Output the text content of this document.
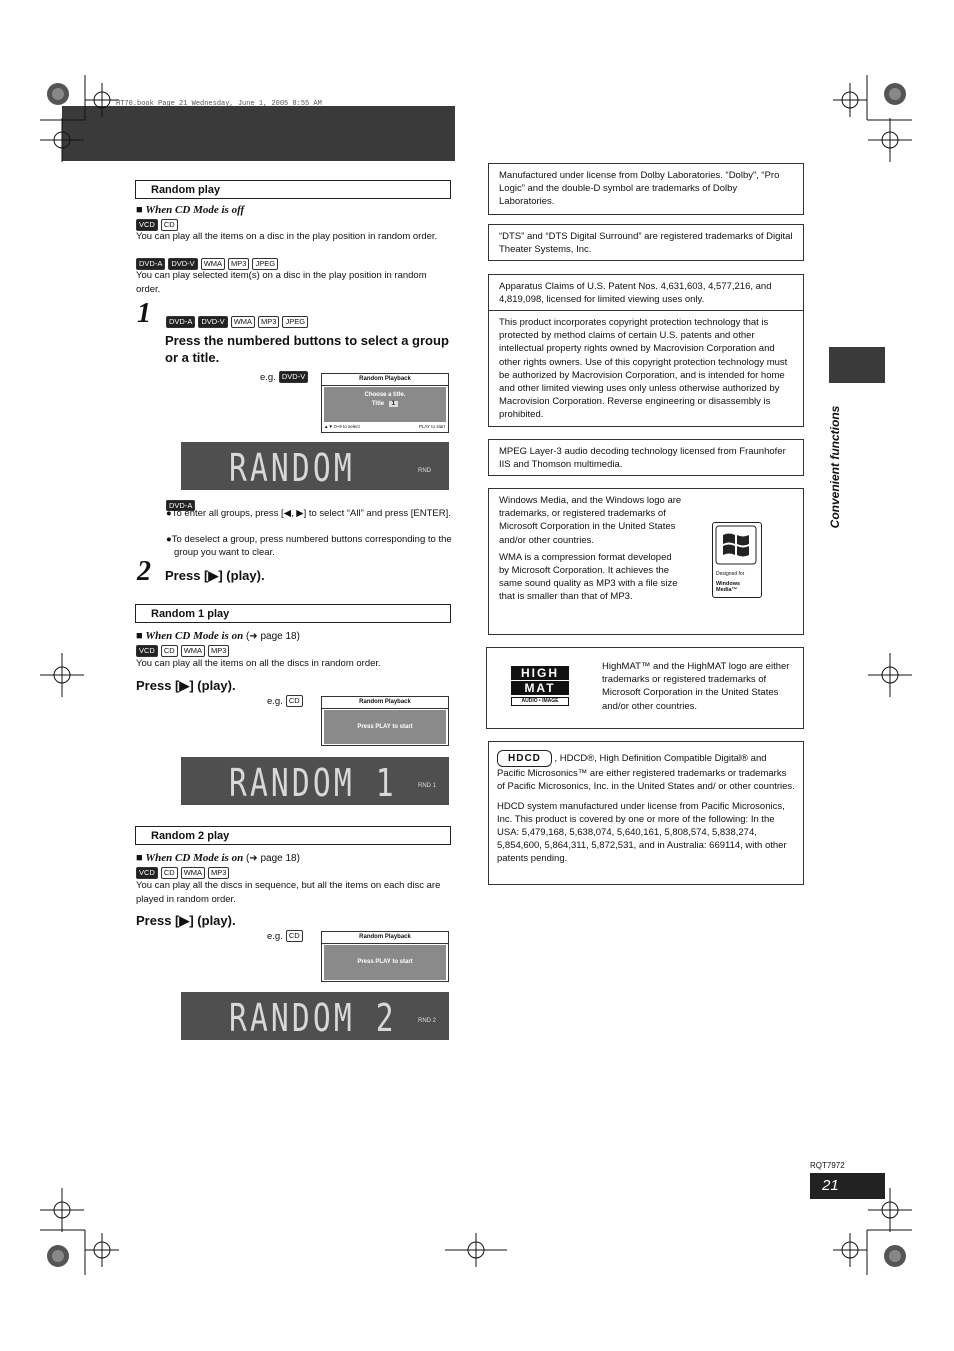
HT70.book Page 21 Wednesday, June 1, 2005 8:55 AM
Random play
■ When CD Mode is off
VCD	CD
You can play all the items on a disc in the play position in random order.
DVD-A	DVD-V	WMA	MP3	JPEG
You can play selected item(s) on a disc in the play position in random order.
1	DVD-A	DVD-V	WMA	MP3	JPEG
Press the numbered buttons to select a group or a title.
e.g. DVD-V	Random Playback
Choose a title.
Title 1
▲▼ 0~9 to select	PLAY to start
RANDOM	RND
DVD-A
●To enter all groups, press [◀, ▶] to select “All” and press [ENTER].
●To deselect a group, press numbered buttons corresponding to the group you want to clear.
2 Press [▶] (play).
Random 1 play
■ When CD Mode is on (➜ page 18)
VCD	CD	WMA	MP3
You can play all the items on all the discs in random order.
Press [▶] (play).
e.g. CD	Random Playback
Press PLAY to start
RANDOM 1	RND 1
Random 2 play
■ When CD Mode is on (➜ page 18)
VCD	CD	WMA	MP3
You can play all the discs in sequence, but all the items on each disc are played in random order.
Press [▶] (play).
e.g. CD	Random Playback
Press PLAY to start
RANDOM 2	RND 2
Manufactured under license from Dolby Laboratories. “Dolby”, “Pro Logic” and the double-D symbol are trademarks of Dolby Laboratories.
“DTS” and “DTS Digital Surround” are registered trademarks of Digital Theater Systems, Inc.
Apparatus Claims of U.S. Patent Nos. 4,631,603, 4,577,216, and 4,819,098, licensed for limited viewing uses only.
This product incorporates copyright protection technology that is protected by method claims of certain U.S. patents and other intellectual property rights owned by Macrovision Corporation and other rights owners. Use of this copyright protection technology must be authorized by Macrovision Corporation, and is intended for home and other limited viewing uses only unless otherwise authorized by Macrovision Corporation. Reverse engineering or disassembly is prohibited.
MPEG Layer-3 audio decoding technology licensed from Fraunhofer IIS and Thomson multimedia.
Windows Media, and the Windows logo are trademarks, or registered trademarks of Microsoft Corporation in the United States and/or other countries.
WMA is a compression format developed by Microsoft Corporation. It achieves the same sound quality as MP3 with a file size that is smaller than that of MP3.
Designed for
Windows
Media™
HIGH
MAT
AUDIO • IMAGE
HighMAT™ and the HighMAT logo are either trademarks or registered trademarks of Microsoft Corporation in the United States and/or other countries.
HDCD , HDCD®, High Definition Compatible Digital® and Pacific Microsonics™ are either registered trademarks or trademarks of Pacific Microsonics, Inc. in the United States and/ or other countries.
HDCD system manufactured under license from Pacific Microsonics, Inc. This product is covered by one or more of the following: In the USA: 5,479,168, 5,638,074, 5,640,161, 5,808,574, 5,838,274, 5,854,600, 5,864,311, 5,872,531, and in Australia: 669114, with other patents pending.
Convenient functions
RQT7972
21
